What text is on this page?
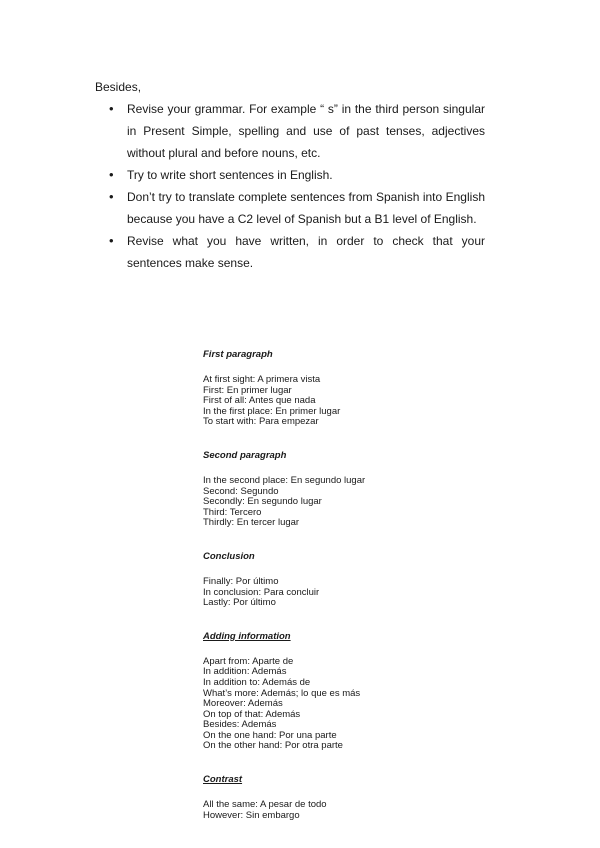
Besides,

• Revise your grammar. For example “ s” in the third person singular in Present Simple, spelling and use of past tenses, adjectives without plural and before nouns, etc.
• Try to write short sentences in English.
• Don’t try to translate complete sentences from Spanish into English because you have a C2 level of Spanish but a B1 level of English.
• Revise what you have written, in order to check that your sentences make sense.

First paragraph

At first sight: A primera vista
First: En primer lugar
First of all: Antes que nada
In the first place: En primer lugar
To start with: Para empezar

Second paragraph

In the second place: En segundo lugar
Second: Segundo
Secondly: En segundo lugar
Third: Tercero
Thirdly: En tercer lugar

Conclusion

Finally: Por último
In conclusion: Para concluir
Lastly: Por último

Adding information

Apart from: Aparte de
In addition: Además
In addition to: Además de
What’s more: Además; lo que es más
Moreover: Además
On top of that: Además
Besides: Además
On the one hand: Por una parte
On the other hand: Por otra parte

Contrast

All the same: A pesar de todo
However: Sin embargo
